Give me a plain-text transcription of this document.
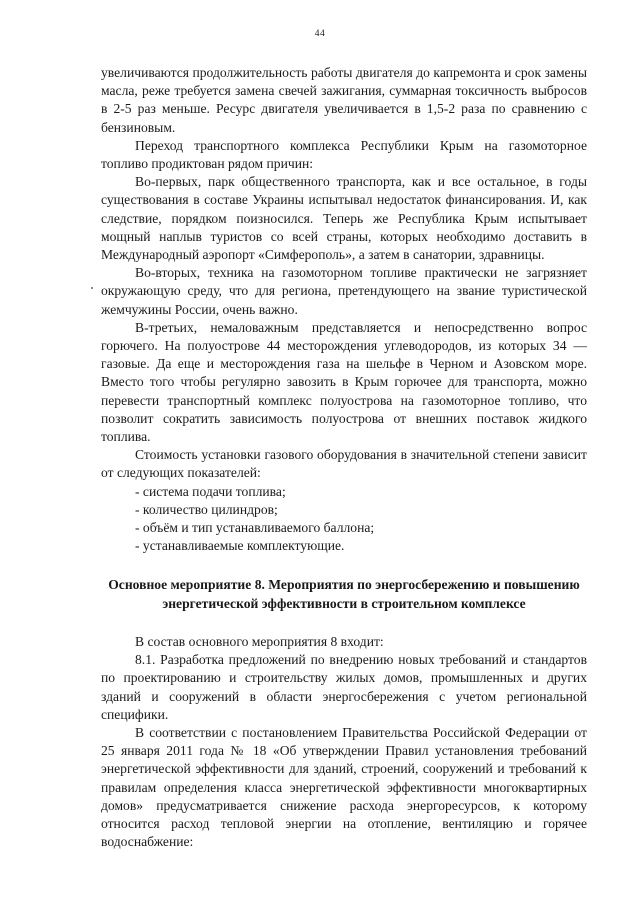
44

увеличиваются продолжительность работы двигателя до капремонта и срок замены масла, реже требуется замена свечей зажигания, суммарная токсичность выбросов в 2-5 раз меньше. Ресурс двигателя увеличивается в 1,5-2 раза по сравнению с бензиновым.

Переход транспортного комплекса Республики Крым на газомоторное топливо продиктован рядом причин:

Во-первых, парк общественного транспорта, как и все остальное, в годы существования в составе Украины испытывал недостаток финансирования. И, как следствие, порядком поизносился. Теперь же Республика Крым испытывает мощный наплыв туристов со всей страны, которых необходимо доставить в Международный аэропорт «Симферополь», а затем в санатории, здравницы.

Во-вторых, техника на газомоторном топливе практически не загрязняет окружающую среду, что для региона, претендующего на звание туристической жемчужины России, очень важно.

В-третьих, немаловажным представляется и непосредственно вопрос горючего. На полуострове 44 месторождения углеводородов, из которых 34 — газовые. Да еще и месторождения газа на шельфе в Черном и Азовском море. Вместо того чтобы регулярно завозить в Крым горючее для транспорта, можно перевести транспортный комплекс полуострова на газомоторное топливо, что позволит сократить зависимость полуострова от внешних поставок жидкого топлива.

Стоимость установки газового оборудования в значительной степени зависит от следующих показателей:

- система подачи топлива;

- количество цилиндров;

- объём и тип устанавливаемого баллона;

- устанавливаемые комплектующие.

Основное мероприятие 8. Мероприятия по энергосбережению и повышению энергетической эффективности в строительном комплексе

В состав основного мероприятия 8 входит:

8.1. Разработка предложений по внедрению новых требований и стандартов по проектированию и строительству жилых домов, промышленных и других зданий и сооружений в области энергосбережения с учетом региональной специфики.

В соответствии с постановлением Правительства Российской Федерации от 25 января 2011 года № 18 «Об утверждении Правил установления требований энергетической эффективности для зданий, строений, сооружений и требований к правилам определения класса энергетической эффективности многоквартирных домов» предусматривается снижение расхода энергоресурсов, к которому относится расход тепловой энергии на отопление, вентиляцию и горячее водоснабжение:
